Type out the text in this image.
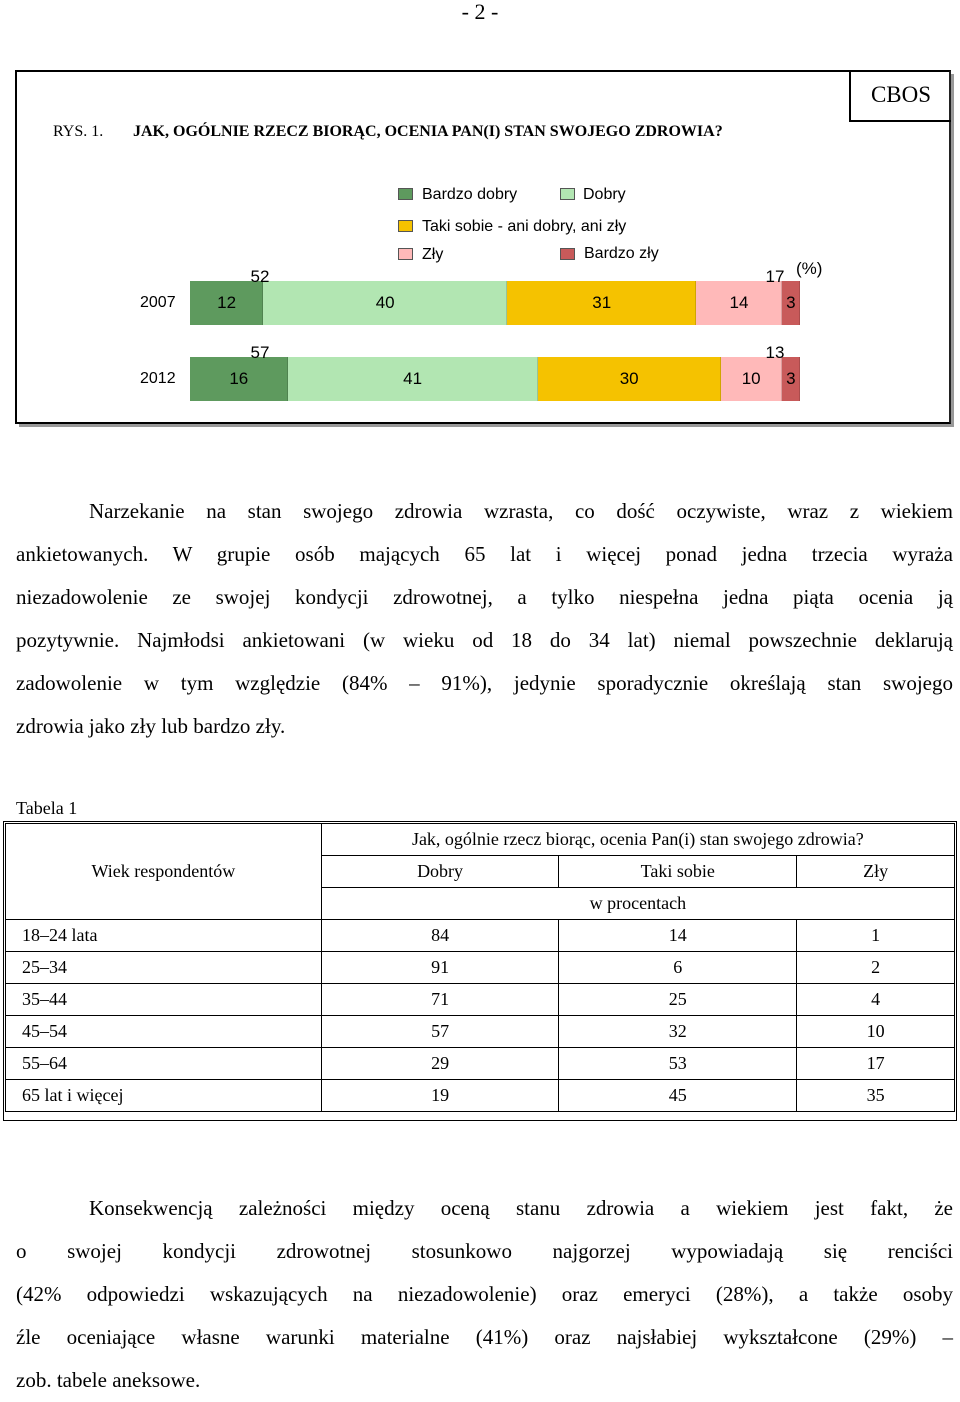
- 2 -
CBOS
RYS. 1. JAK, OGÓLNIE RZECZ BIORĄC, OCENIA PAN(I) STAN SWOJEGO ZDROWIA?
Bardzo dobry	Dobry
Taki sobie - ani dobry, ani zły
Zły	Bardzo zły
(%)
2007	12	40	31	14	3
52	17
2012	16	41	30	10	3
57	13
Narzekanie na stan swojego zdrowia wzrasta, co dość oczywiste, wraz z wiekiem
ankietowanych. W grupie osób mających 65 lat i więcej ponad jedna trzecia wyraża
niezadowolenie ze swojej kondycji zdrowotnej, a tylko niespełna jedna piąta ocenia ją
pozytywnie. Najmłodsi ankietowani (w wieku od 18 do 34 lat) niemal powszechnie deklarują
zadowolenie w tym względzie (84% – 91%), jedynie sporadycznie określają stan swojego
zdrowia jako zły lub bardzo zły.
Tabela 1
Wiek respondentów	Jak, ogólnie rzecz biorąc, ocenia Pan(i) stan swojego zdrowia?		
	Dobry	Taki sobie	Zły
	w procentach		
18–24 lata	84	14	1
25–34	91	6	2
35–44	71	25	4
45–54	57	32	10
55–64	29	53	17
65 lat i więcej	19	45	35
Konsekwencją zależności między oceną stanu zdrowia a wiekiem jest fakt, że
o swojej kondycji zdrowotnej stosunkowo najgorzej wypowiadają się renciści
(42% odpowiedzi wskazujących na niezadowolenie) oraz emeryci (28%), a także osoby
źle oceniające własne warunki materialne (41%) oraz najsłabiej wykształcone (29%) –
zob. tabele aneksowe.
